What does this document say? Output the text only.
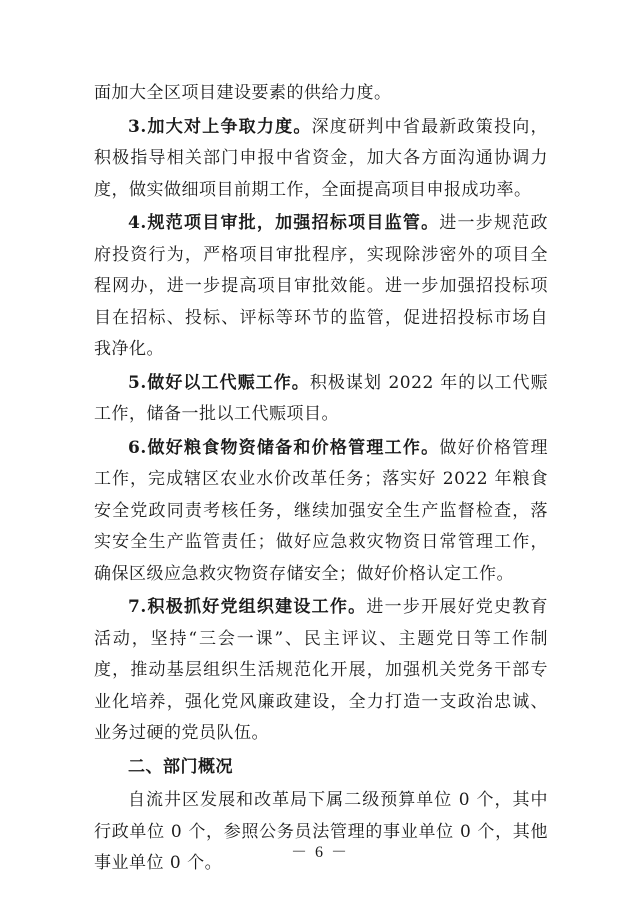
面加大全区项目建设要素的供给力度。

3.加大对上争取力度。深度研判中省最新政策投向，积极指导相关部门申报中省资金，加大各方面沟通协调力度，做实做细项目前期工作，全面提高项目申报成功率。

4.规范项目审批，加强招标项目监管。进一步规范政府投资行为，严格项目审批程序，实现除涉密外的项目全程网办，进一步提高项目审批效能。进一步加强招投标项目在招标、投标、评标等环节的监管，促进招投标市场自我净化。

5.做好以工代赈工作。积极谋划 2022 年的以工代赈工作，储备一批以工代赈项目。

6.做好粮食物资储备和价格管理工作。做好价格管理工作，完成辖区农业水价改革任务；落实好 2022 年粮食安全党政同责考核任务，继续加强安全生产监督检查，落实安全生产监管责任；做好应急救灾物资日常管理工作，确保区级应急救灾物资存储安全；做好价格认定工作。

7.积极抓好党组织建设工作。进一步开展好党史教育活动，坚持“三会一课”、民主评议、主题党日等工作制度，推动基层组织生活规范化开展，加强机关党务干部专业化培养，强化党风廉政建设，全力打造一支政治忠诚、业务过硬的党员队伍。

二、部门概况

自流井区发展和改革局下属二级预算单位 0 个，其中行政单位 0 个，参照公务员法管理的事业单位 0 个，其他事业单位 0 个。

－ 6 －
